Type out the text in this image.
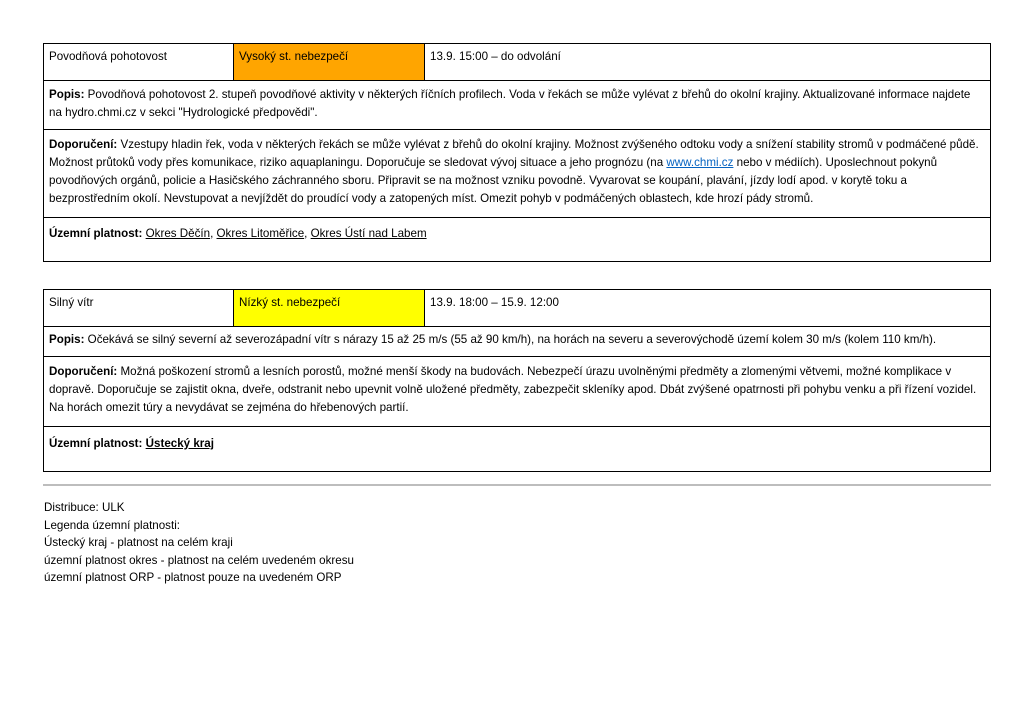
Povodňová pohotovost	Vysoký st. nebezpečí	13.9. 15:00 – do odvolání
Popis: Povodňová pohotovost 2. stupeň povodňové aktivity v některých říčních profilech. Voda v řekách se může vylévat z břehů do okolní krajiny. Aktualizované informace najdete na hydro.chmi.cz v sekci "Hydrologické předpovědi".
Doporučení: Vzestupy hladin řek, voda v některých řekách se může vylévat z břehů do okolní krajiny. Možnost zvýšeného odtoku vody a snížení stability stromů v podmáčené půdě. Možnost průtoků vody přes komunikace, riziko aquaplaningu. Doporučuje se sledovat vývoj situace a jeho prognózu (na www.chmi.cz nebo v médiích). Uposlechnout pokynů povodňových orgánů, policie a Hasičského záchranného sboru. Připravit se na možnost vzniku povodně. Vyvarovat se koupání, plavání, jízdy lodí apod. v korytě toku a bezprostředním okolí. Nevstupovat a nevjíždět do proudící vody a zatopených míst. Omezit pohyb v podmáčených oblastech, kde hrozí pády stromů.
Územní platnost: Okres Děčín, Okres Litoměřice, Okres Ústí nad Labem
Silný vítr	Nízký st. nebezpečí	13.9. 18:00 – 15.9. 12:00
Popis: Očekává se silný severní až severozápadní vítr s nárazy 15 až 25 m/s (55 až 90 km/h), na horách na severu a severovýchodě území kolem 30 m/s (kolem 110 km/h).
Doporučení: Možná poškození stromů a lesních porostů, možné menší škody na budovách. Nebezpečí úrazu uvolněnými předměty a zlomenými větvemi, možné komplikace v dopravě. Doporučuje se zajistit okna, dveře, odstranit nebo upevnit volně uložené předměty, zabezpečit skleníky apod. Dbát zvýšené opatrnosti při pohybu venku a při řízení vozidel. Na horách omezit túry a nevydávat se zejména do hřebenových partií.
Územní platnost: Ústecký kraj
Distribuce: ULK
Legenda územní platnosti:
Ústecký kraj - platnost na celém kraji
územní platnost okres - platnost na celém uvedeném okresu
územní platnost ORP - platnost pouze na uvedeném ORP
